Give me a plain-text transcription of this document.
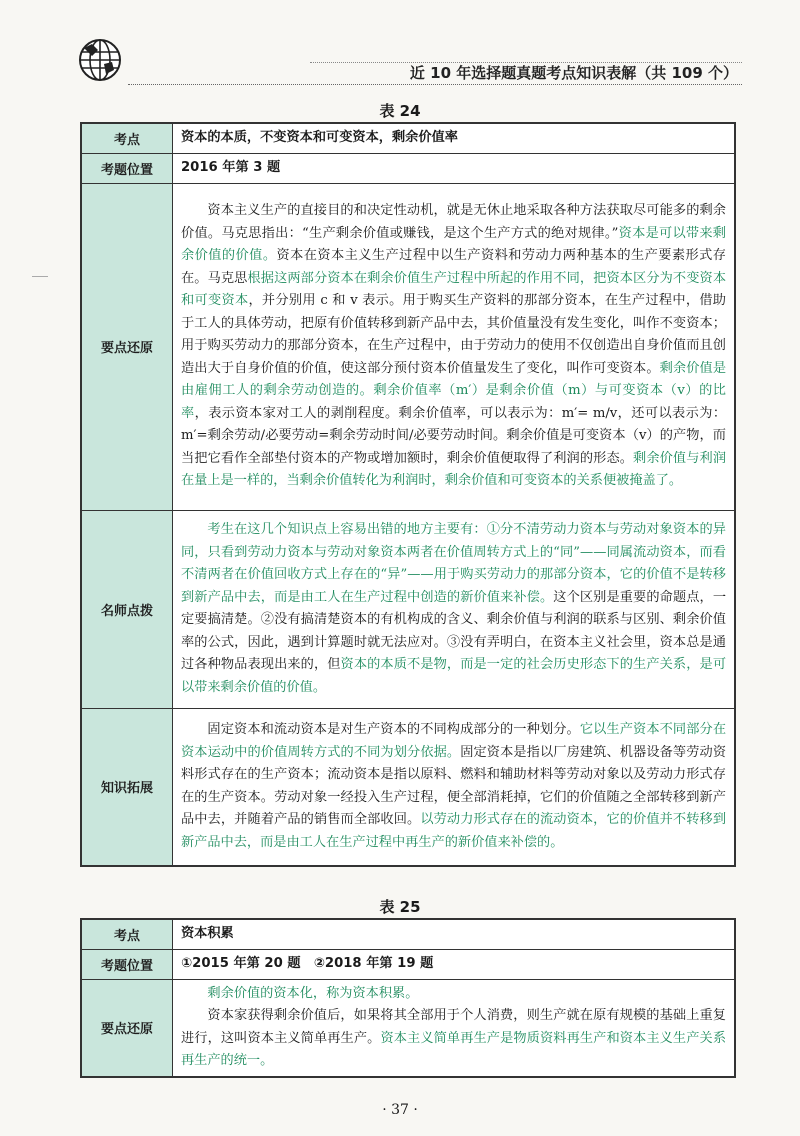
近 10 年选择题真题考点知识表解（共 109 个）
表 24
考点	资本的本质，不变资本和可变资本，剩余价值率
考题位置	2016 年第 3 题
要点还原	资本主义生产的直接目的和决定性动机，就是无休止地采取各种方法获取尽可能多的剩余价值。马克思指出：“生产剩余价值或赚钱，是这个生产方式的绝对规律。”资本是可以带来剩余价值的价值。资本在资本主义生产过程中以生产资料和劳动力两种基本的生产要素形式存在。马克思根据这两部分资本在剩余价值生产过程中所起的作用不同，把资本区分为不变资本和可变资本，并分别用 c 和 v 表示。用于购买生产资料的那部分资本，在生产过程中，借助于工人的具体劳动，把原有价值转移到新产品中去，其价值量没有发生变化，叫作不变资本；用于购买劳动力的那部分资本，在生产过程中，由于劳动力的使用不仅创造出自身价值而且创造出大于自身价值的价值，使这部分预付资本价值量发生了变化，叫作可变资本。剩余价值是由雇佣工人的剩余劳动创造的。剩余价值率（m′）是剩余价值（m）与可变资本（v）的比率，表示资本家对工人的剥削程度。剩余价值率，可以表示为：m′= m/v，还可以表示为：m′=剩余劳动/必要劳动=剩余劳动时间/必要劳动时间。剩余价值是可变资本（v）的产物，而当把它看作全部垫付资本的产物或增加额时，剩余价值便取得了利润的形态。剩余价值与利润在量上是一样的，当剩余价值转化为利润时，剩余价值和可变资本的关系便被掩盖了。

名师点拨	考生在这几个知识点上容易出错的地方主要有：①分不清劳动力资本与劳动对象资本的异同，只看到劳动力资本与劳动对象资本两者在价值周转方式上的“同”——同属流动资本，而看不清两者在价值回收方式上存在的“异”——用于购买劳动力的那部分资本，它的价值不是转移到新产品中去，而是由工人在生产过程中创造的新价值来补偿。这个区别是重要的命题点，一定要搞清楚。②没有搞清楚资本的有机构成的含义、剩余价值与利润的联系与区别、剩余价值率的公式，因此，遇到计算题时就无法应对。③没有弄明白，在资本主义社会里，资本总是通过各种物品表现出来的，但资本的本质不是物，而是一定的社会历史形态下的生产关系，是可以带来剩余价值的价值。

知识拓展	固定资本和流动资本是对生产资本的不同构成部分的一种划分。它以生产资本不同部分在资本运动中的价值周转方式的不同为划分依据。固定资本是指以厂房建筑、机器设备等劳动资料形式存在的生产资本；流动资本是指以原料、燃料和辅助材料等劳动对象以及劳动力形式存在的生产资本。劳动对象一经投入生产过程，便全部消耗掉，它们的价值随之全部转移到新产品中去，并随着产品的销售而全部收回。以劳动力形式存在的流动资本，它的价值并不转移到新产品中去，而是由工人在生产过程中再生产的新价值来补偿的。
表 25
考点	资本积累
考题位置	①2015 年第 20 题　②2018 年第 19 题
要点还原	剩余价值的资本化，称为资本积累。
资本家获得剩余价值后，如果将其全部用于个人消费，则生产就在原有规模的基础上重复进行，这叫资本主义简单再生产。资本主义简单再生产是物质资料再生产和资本主义生产关系再生产的统一。
· 37 ·
